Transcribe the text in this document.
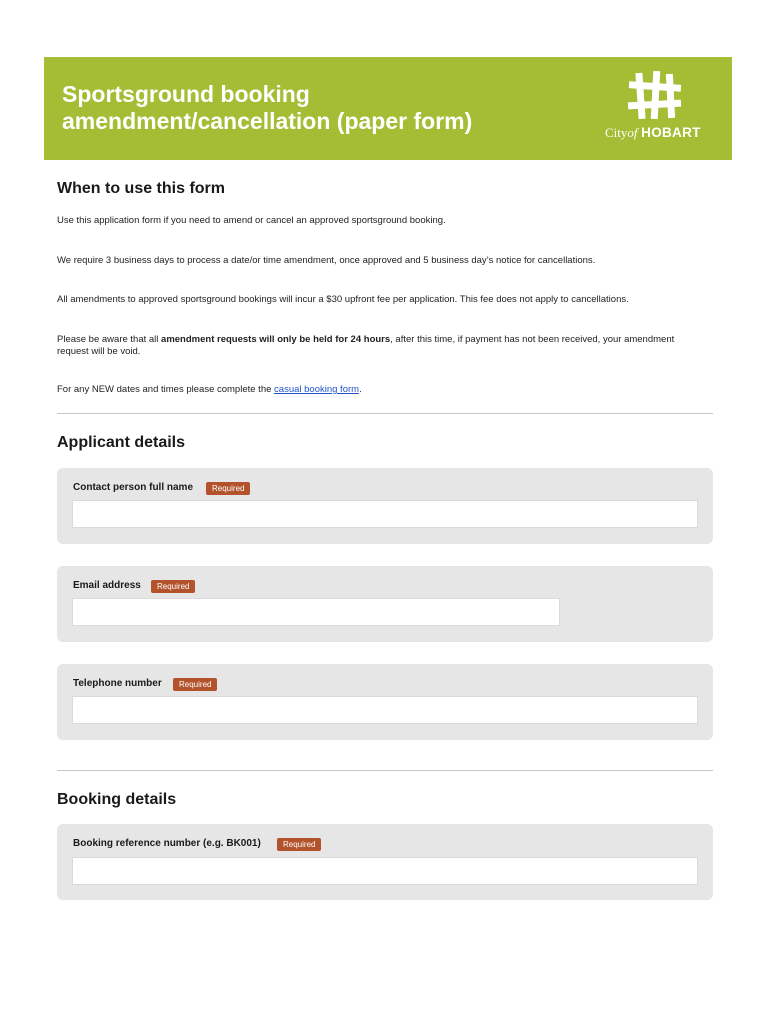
Sportsground booking
amendment/cancellation (paper form)	Cityof HOBART
When to use this form
Use this application form if you need to amend or cancel an approved sportsground booking.
We require 3 business days to process a date/or time amendment, once approved and 5 business day’s notice for cancellations.
All amendments to approved sportsground bookings will incur a $30 upfront fee per application. This fee does not apply to cancellations.
Please be aware that all amendment requests will only be held for 24 hours, after this time, if payment has not been received, your amendment request will be void.
For any NEW dates and times please complete the casual booking form.
Applicant details
Contact person full name	Required
Email address	Required
Telephone number	Required
Booking details
Booking reference number (e.g. BK001)	Required
